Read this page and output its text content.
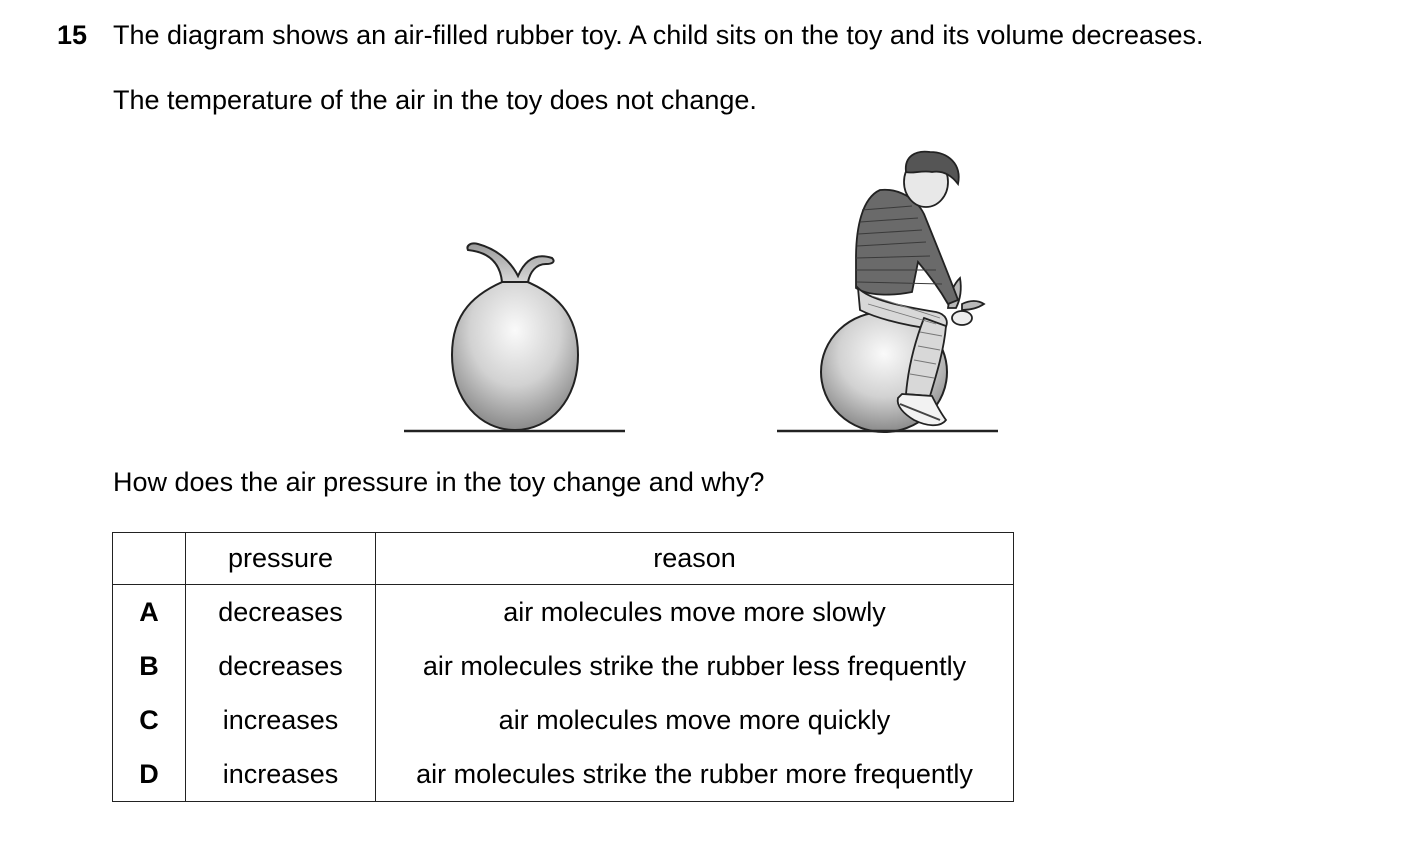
15 The diagram shows an air-filled rubber toy. A child sits on the toy and its volume decreases.
The temperature of the air in the toy does not change.
How does the air pressure in the toy change and why?
	pressure	reason
A	decreases	air molecules move more slowly
B	decreases	air molecules strike the rubber less frequently
C	increases	air molecules move more quickly
D	increases	air molecules strike the rubber more frequently
